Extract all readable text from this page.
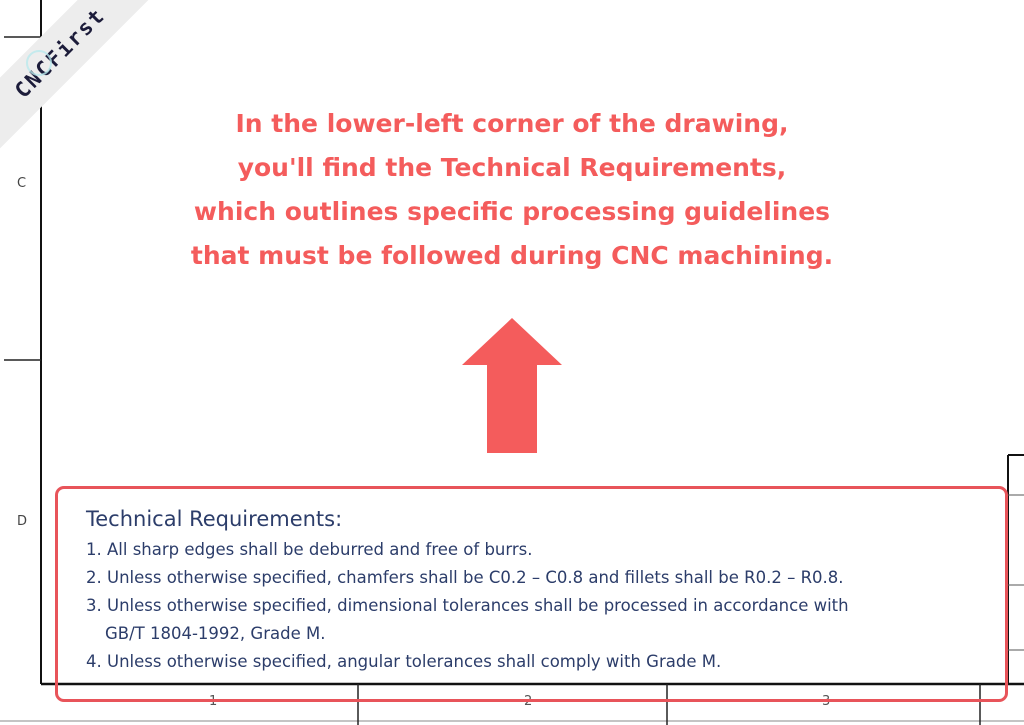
C
D
1	2	3
CNCFirst
In the lower-left corner of the drawing,
you'll find the Technical Requirements,
which outlines specific processing guidelines
that must be followed during CNC machining.
Technical Requirements:
1. All sharp edges shall be deburred and free of burrs.
2. Unless otherwise specified, chamfers shall be C0.2 – C0.8 and fillets shall be R0.2 – R0.8.
3. Unless otherwise specified, dimensional tolerances shall be processed in accordance with
GB/T 1804-1992, Grade M.
4. Unless otherwise specified, angular tolerances shall comply with Grade M.
